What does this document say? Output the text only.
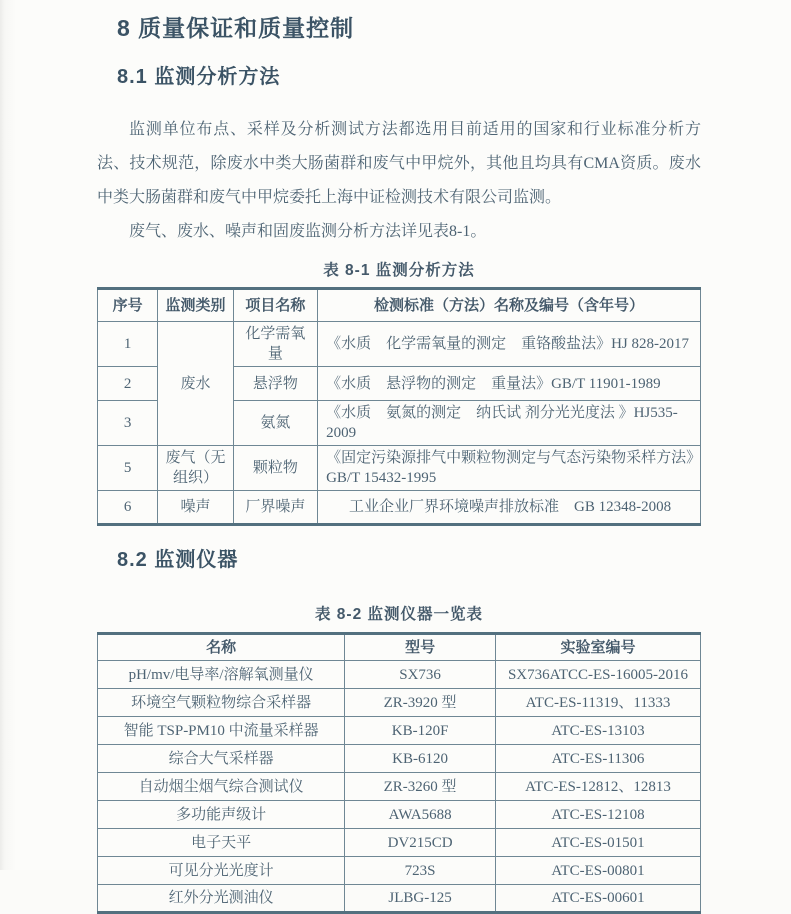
8 质量保证和质量控制
8.1 监测分析方法

监测单位布点、采样及分析测试方法都选用目前适用的国家和行业标准分析方法、技术规范，除废水中类大肠菌群和废气中甲烷外，其他且均具有CMA资质。废水中类大肠菌群和废气中甲烷委托上海中证检测技术有限公司监测。

废气、废水、噪声和固废监测分析方法详见表8-1。

表 8-1 监测分析方法
序号	监测类别	项目名称	检测标准（方法）名称及编号（含年号）
1	废水	化学需氧量	《水质　化学需氧量的测定　重铬酸盐法》HJ 828-2017
2		悬浮物	《水质　悬浮物的测定　重量法》GB/T 11901-1989
3		氨氮	《水质　氨氮的测定　纳氏试 剂分光光度法 》HJ535-2009
5	废气（无组织）	颗粒物	《固定污染源排气中颗粒物测定与气态污染物采样方法》GB/T 15432-1995
6	噪声	厂界噪声	工业企业厂界环境噪声排放标准　GB 12348-2008
8.2 监测仪器
表 8-2 监测仪器一览表
名称	型号	实验室编号
pH/mv/电导率/溶解氧测量仪	SX736	SX736ATCC-ES-16005-2016
环境空气颗粒物综合采样器	ZR-3920 型	ATC-ES-11319、11333
智能 TSP-PM10 中流量采样器	KB-120F	ATC-ES-13103
综合大气采样器	KB-6120	ATC-ES-11306
自动烟尘烟气综合测试仪	ZR-3260 型	ATC-ES-12812、12813
多功能声级计	AWA5688	ATC-ES-12108
电子天平	DV215CD	ATC-ES-01501
可见分光光度计	723S	ATC-ES-00801
红外分光测油仪	JLBG-125	ATC-ES-00601
